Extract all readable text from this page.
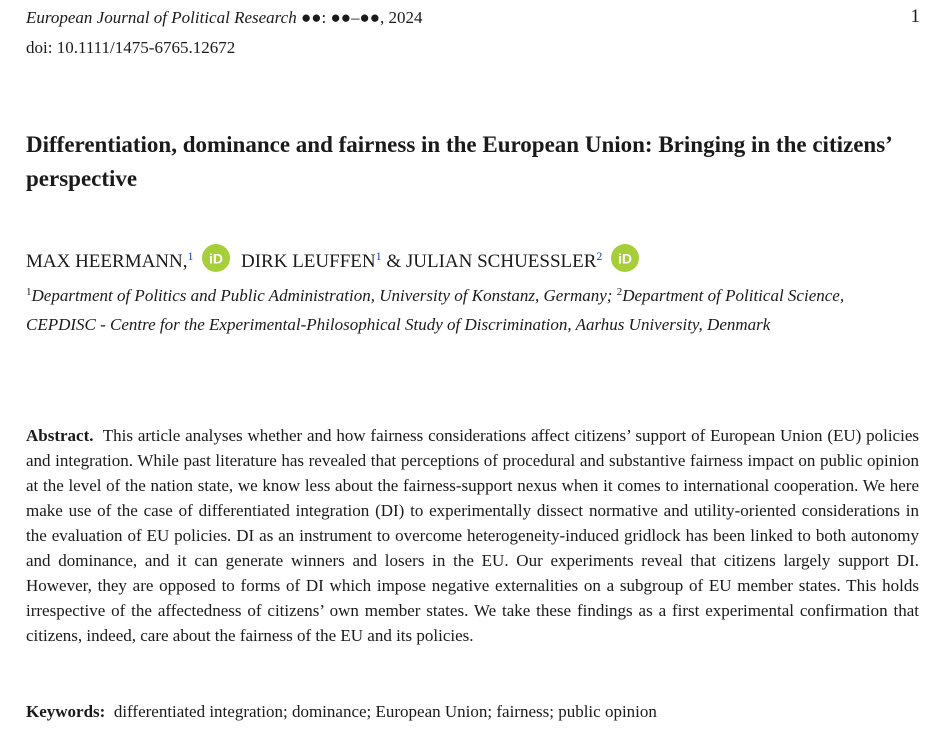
European Journal of Political Research ●●: ●●–●●, 2024	1
doi: 10.1111/1475-6765.12672
Differentiation, dominance and fairness in the European Union: Bringing in the citizens’ perspective
MAX HEERMANN,$^1$ iD DIRK LEUFFEN$^1$ & JULIAN SCHUESSLER$^2$ iD
$^1$Department of Politics and Public Administration, University of Konstanz, Germany; $^2$Department of Political Science, CEPDISC - Centre for the Experimental-Philosophical Study of Discrimination, Aarhus University, Denmark

Abstract. This article analyses whether and how fairness considerations affect citizens’ support of European Union (EU) policies and integration. While past literature has revealed that perceptions of procedural and substantive fairness impact on public opinion at the level of the nation state, we know less about the fairness-support nexus when it comes to international cooperation. We here make use of the case of differentiated integration (DI) to experimentally dissect normative and utility-oriented considerations in the evaluation of EU policies. DI as an instrument to overcome heterogeneity-induced gridlock has been linked to both autonomy and dominance, and it can generate winners and losers in the EU. Our experiments reveal that citizens largely support DI. However, they are opposed to forms of DI which impose negative externalities on a subgroup of EU member states. This holds irrespective of the affectedness of citizens’ own member states. We take these findings as a first experimental confirmation that citizens, indeed, care about the fairness of the EU and its policies.

Keywords: differentiated integration; dominance; European Union; fairness; public opinion
